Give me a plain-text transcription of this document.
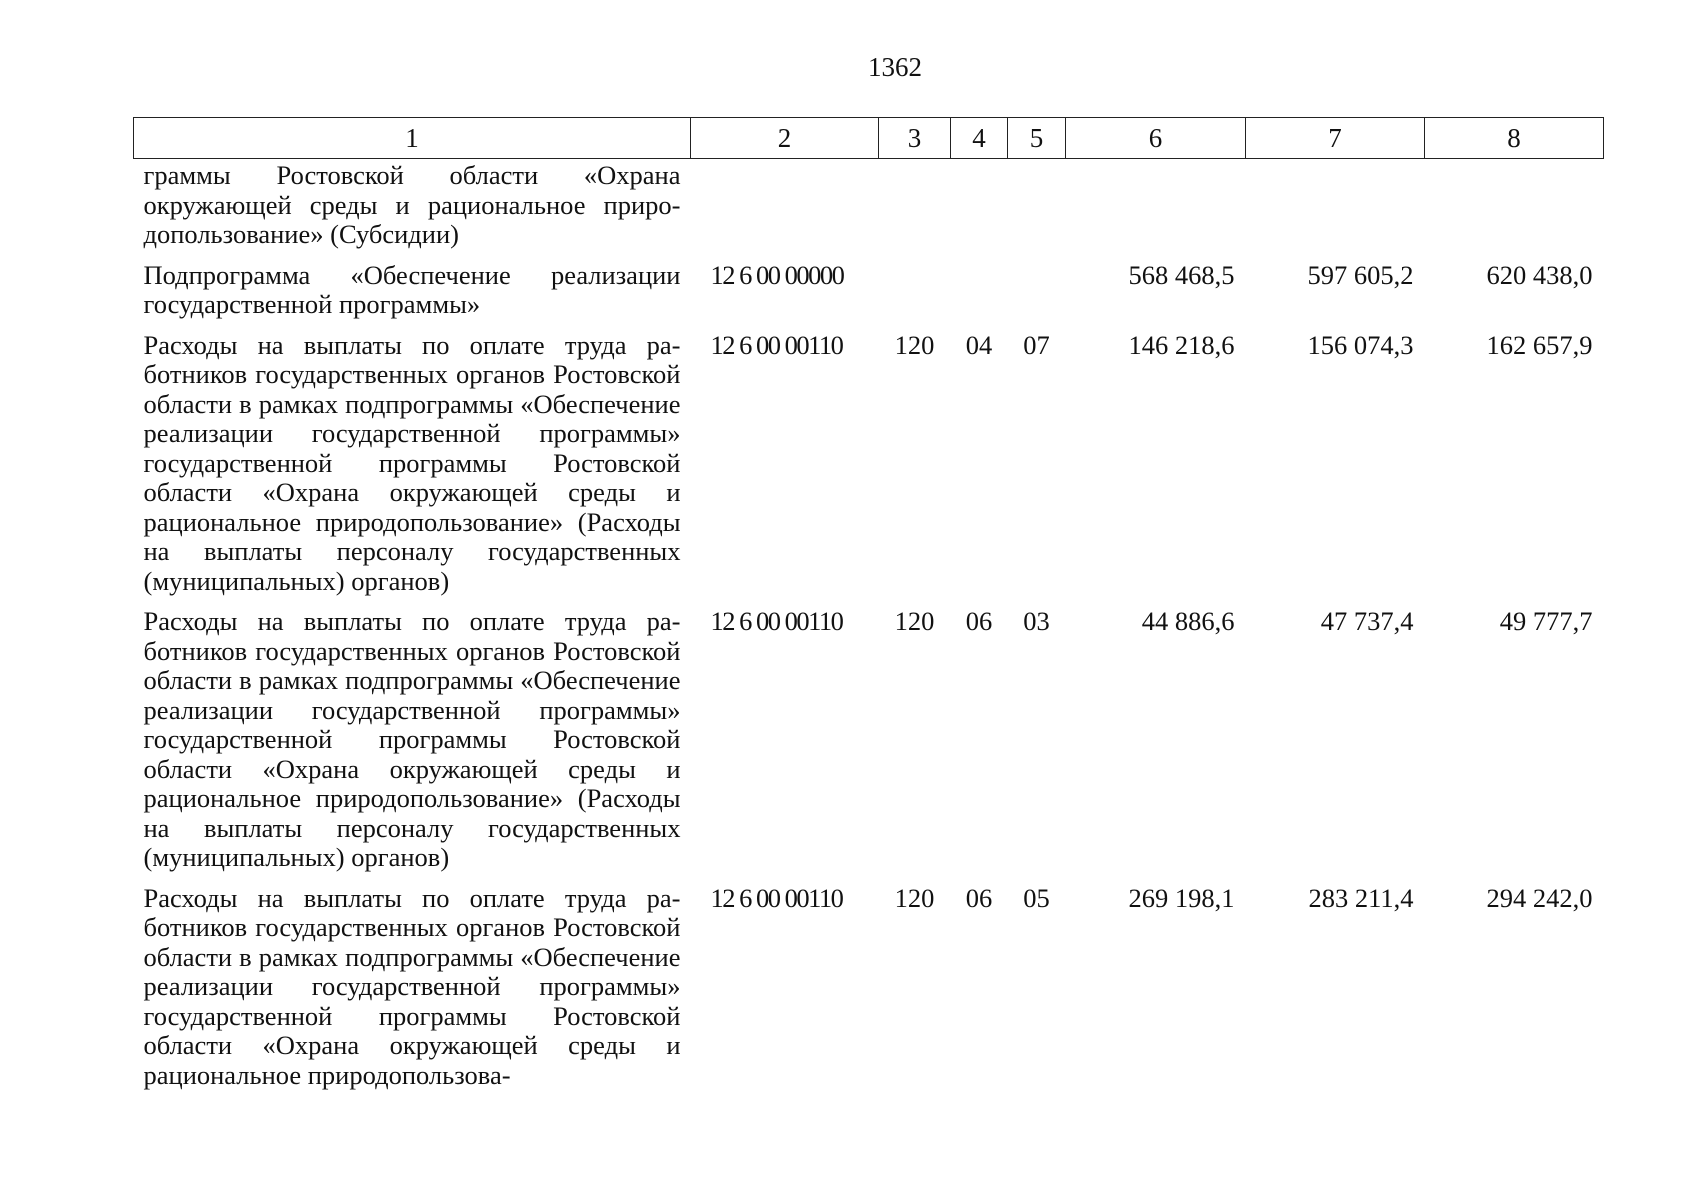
1362
1	2	3	4	5	6	7	8
граммы Ростовской области «Охрана окружающей среды и рациональное природопользование» (Субсидии)							
Подпрограмма «Обеспечение реализации государственной программы»	12 6 00 00000				568 468,5	597 605,2	620 438,0
Расходы на выплаты по оплате труда работников государственных органов Ростовской области в рамках подпрограммы «Обеспечение реализации государственной программы» государственной программы Ростовской области «Охрана окружающей среды и рациональное природопользование» (Расходы на выплаты персоналу государственных (муниципальных) органов)	12 6 00 00110	120	04	07	146 218,6	156 074,3	162 657,9
Расходы на выплаты по оплате труда работников государственных органов Ростовской области в рамках подпрограммы «Обеспечение реализации государственной программы» государственной программы Ростовской области «Охрана окружающей среды и рациональное природопользование» (Расходы на выплаты персоналу государственных (муниципальных) органов)	12 6 00 00110	120	06	03	44 886,6	47 737,4	49 777,7
Расходы на выплаты по оплате труда работников государственных органов Ростовской области в рамках подпрограммы «Обеспечение реализации государственной программы» государственной программы Ростовской области «Охрана окружающей среды и рациональное природопользова-	12 6 00 00110	120	06	05	269 198,1	283 211,4	294 242,0
